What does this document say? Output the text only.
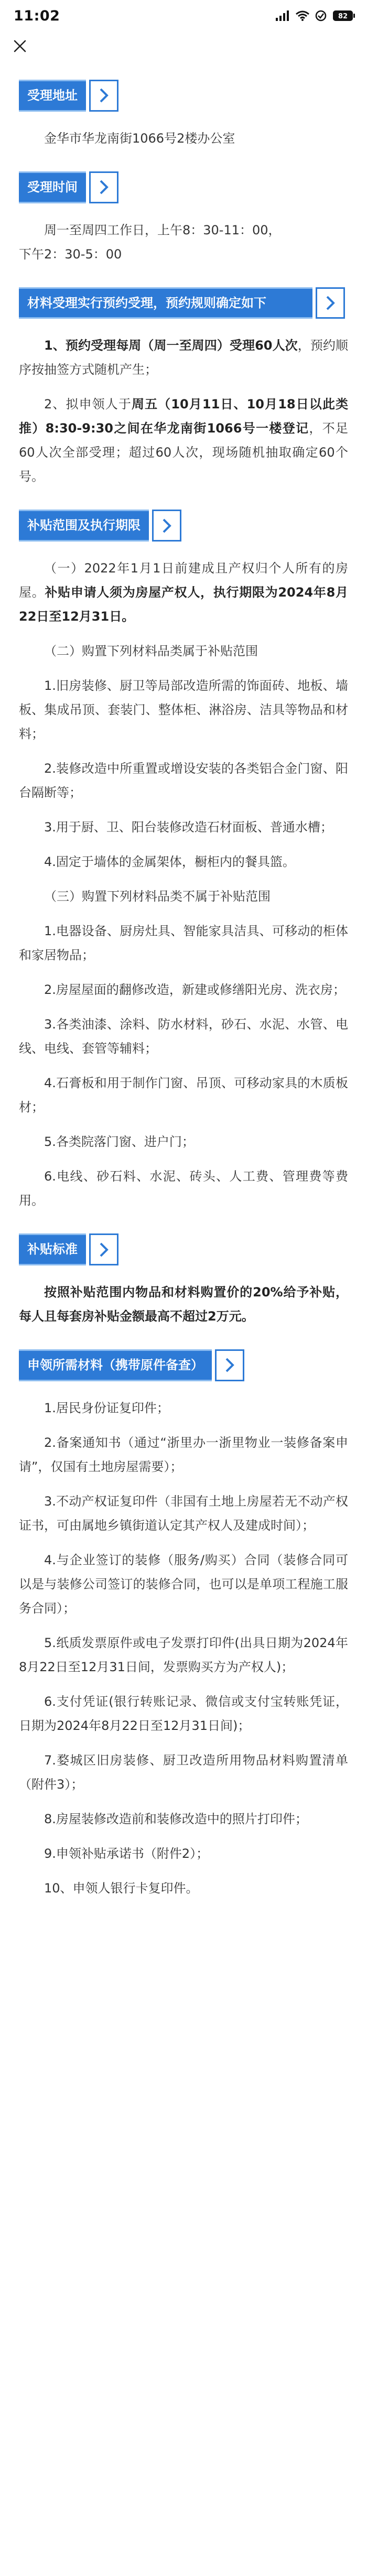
11:02	82
受理地址

金华市华龙南街1066号2楼办公室

受理时间

周一至周四工作日，上午8：30-11：00，
下午2：30-5：00

材料受理实行预约受理，预约规则确定如下

1、预约受理每周（周一至周四）受理60人次，预约顺序按抽签方式随机产生；

2、拟申领人于周五（10月11日、10月18日以此类推）8:30-9:30之间在华龙南街1066号一楼登记，不足60人次全部受理；超过60人次，现场随机抽取确定60个号。

补贴范围及执行期限

（一）2022年1月1日前建成且产权归个人所有的房屋。补贴申请人须为房屋产权人，执行期限为2024年8月22日至12月31日。

（二）购置下列材料品类属于补贴范围

1.旧房装修、厨卫等局部改造所需的饰面砖、地板、墙板、集成吊顶、套装门、整体柜、淋浴房、洁具等物品和材料；

2.装修改造中所重置或增设安装的各类铝合金门窗、阳台隔断等；

3.用于厨、卫、阳台装修改造石材面板、普通水槽；

4.固定于墙体的金属架体，橱柜内的餐具篮。

（三）购置下列材料品类不属于补贴范围

1.电器设备、厨房灶具、智能家具洁具、可移动的柜体和家居物品；

2.房屋屋面的翻修改造，新建或修缮阳光房、洗衣房；

3.各类油漆、涂料、防水材料，砂石、水泥、水管、电线、电线、套管等辅料；

4.石膏板和用于制作门窗、吊顶、可移动家具的木质板材；

5.各类院落门窗、进户门；

6.电线、砂石料、水泥、砖头、人工费、管理费等费用。

补贴标准

按照补贴范围内物品和材料购置价的20%给予补贴，每人且每套房补贴金额最高不超过2万元。

申领所需材料（携带原件备查）

1.居民身份证复印件；

2.备案通知书（通过“浙里办一浙里物业一装修备案申请”，仅国有土地房屋需要）；

3.不动产权证复印件（非国有土地上房屋若无不动产权证书，可由属地乡镇街道认定其产权人及建成时间）；

4.与企业签订的装修（服务/购买）合同（装修合同可以是与装修公司签订的装修合同，也可以是单项工程施工服务合同）；

5.纸质发票原件或电子发票打印件(出具日期为2024年8月22日至12月31日间，发票购买方为产权人)；

6.支付凭证(银行转账记录、微信或支付宝转账凭证，日期为2024年8月22日至12月31日间)；

7.婺城区旧房装修、厨卫改造所用物品材料购置清单（附件3）；

8.房屋装修改造前和装修改造中的照片打印件；

9.申领补贴承诺书（附件2）；

10、申领人银行卡复印件。
